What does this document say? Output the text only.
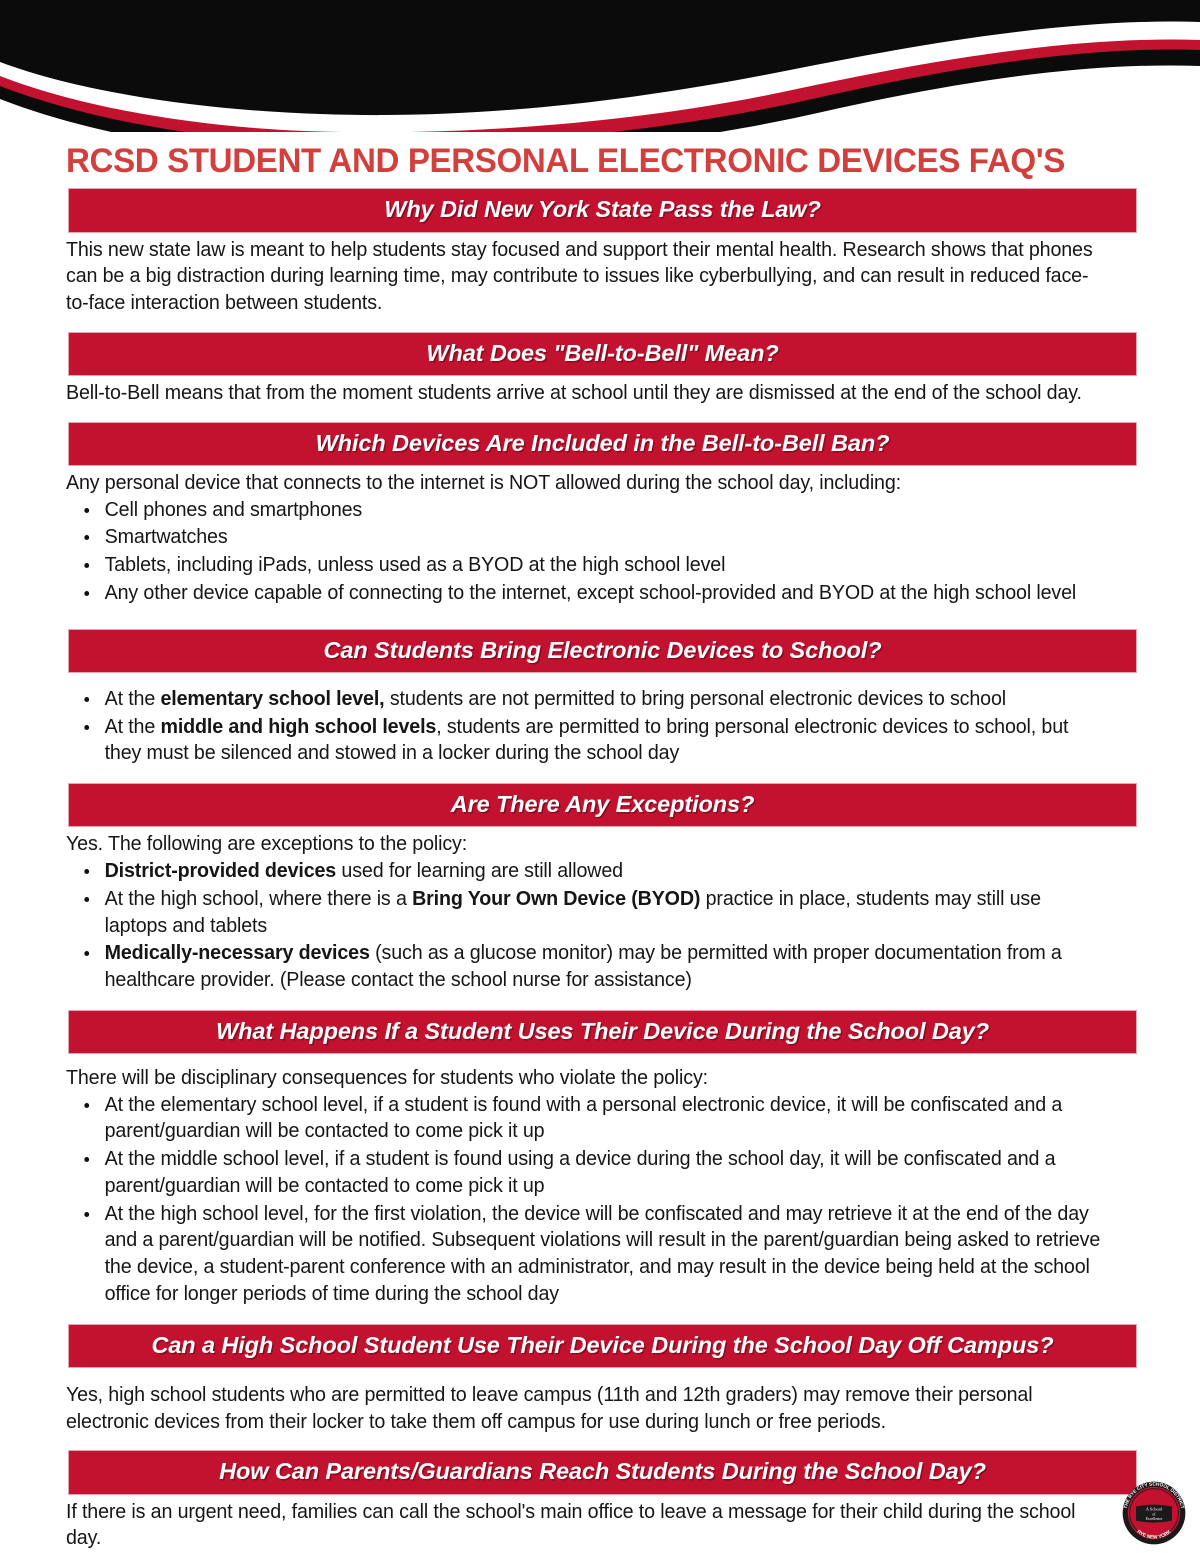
RCSD STUDENT AND PERSONAL ELECTRONIC DEVICES FAQ'S
Why Did New York State Pass the Law?

This new state law is meant to help students stay focused and support their mental health. Research shows that phones can be a big distraction during learning time, may contribute to issues like cyberbullying, and can result in reduced face-to-face interaction between students.

What Does "Bell-to-Bell" Mean?

Bell-to-Bell means that from the moment students arrive at school until they are dismissed at the end of the school day.

Which Devices Are Included in the Bell-to-Bell Ban?

Any personal device that connects to the internet is NOT allowed during the school day, including:

Cell phones and smartphones
Smartwatches
Tablets, including iPads, unless used as a BYOD at the high school level
Any other device capable of connecting to the internet, except school-provided and BYOD at the high school level
Can Students Bring Electronic Devices to School?
At the elementary school level, students are not permitted to bring personal electronic devices to school
At the middle and high school levels, students are permitted to bring personal electronic devices to school, but they must be silenced and stowed in a locker during the school day
Are There Any Exceptions?

Yes. The following are exceptions to the policy:

District-provided devices used for learning are still allowed
At the high school, where there is a Bring Your Own Device (BYOD) practice in place, students may still use laptops and tablets
Medically-necessary devices (such as a glucose monitor) may be permitted with proper documentation from a healthcare provider. (Please contact the school nurse for assistance)
What Happens If a Student Uses Their Device During the School Day?

There will be disciplinary consequences for students who violate the policy:

At the elementary school level, if a student is found with a personal electronic device, it will be confiscated and a parent/guardian will be contacted to come pick it up
At the middle school level, if a student is found using a device during the school day, it will be confiscated and a parent/guardian will be contacted to come pick it up
At the high school level, for the first violation, the device will be confiscated and may retrieve it at the end of the day and a parent/guardian will be notified. Subsequent violations will result in the parent/guardian being asked to retrieve the device, a student-parent conference with an administrator, and may result in the device being held at the school office for longer periods of time during the school day
Can a High School Student Use Their Device During the School Day Off Campus?

Yes, high school students who are permitted to leave campus (11th and 12th graders) may remove their personal electronic devices from their locker to take them off campus for use during lunch or free periods.

How Can Parents/Guardians Reach Students During the School Day?

If there is an urgent need, families can call the school's main office to leave a message for their child during the school day.

A School
of
Excellence
THE RYE CITY SCHOOL DISTRICT
RYE NEW YORK
